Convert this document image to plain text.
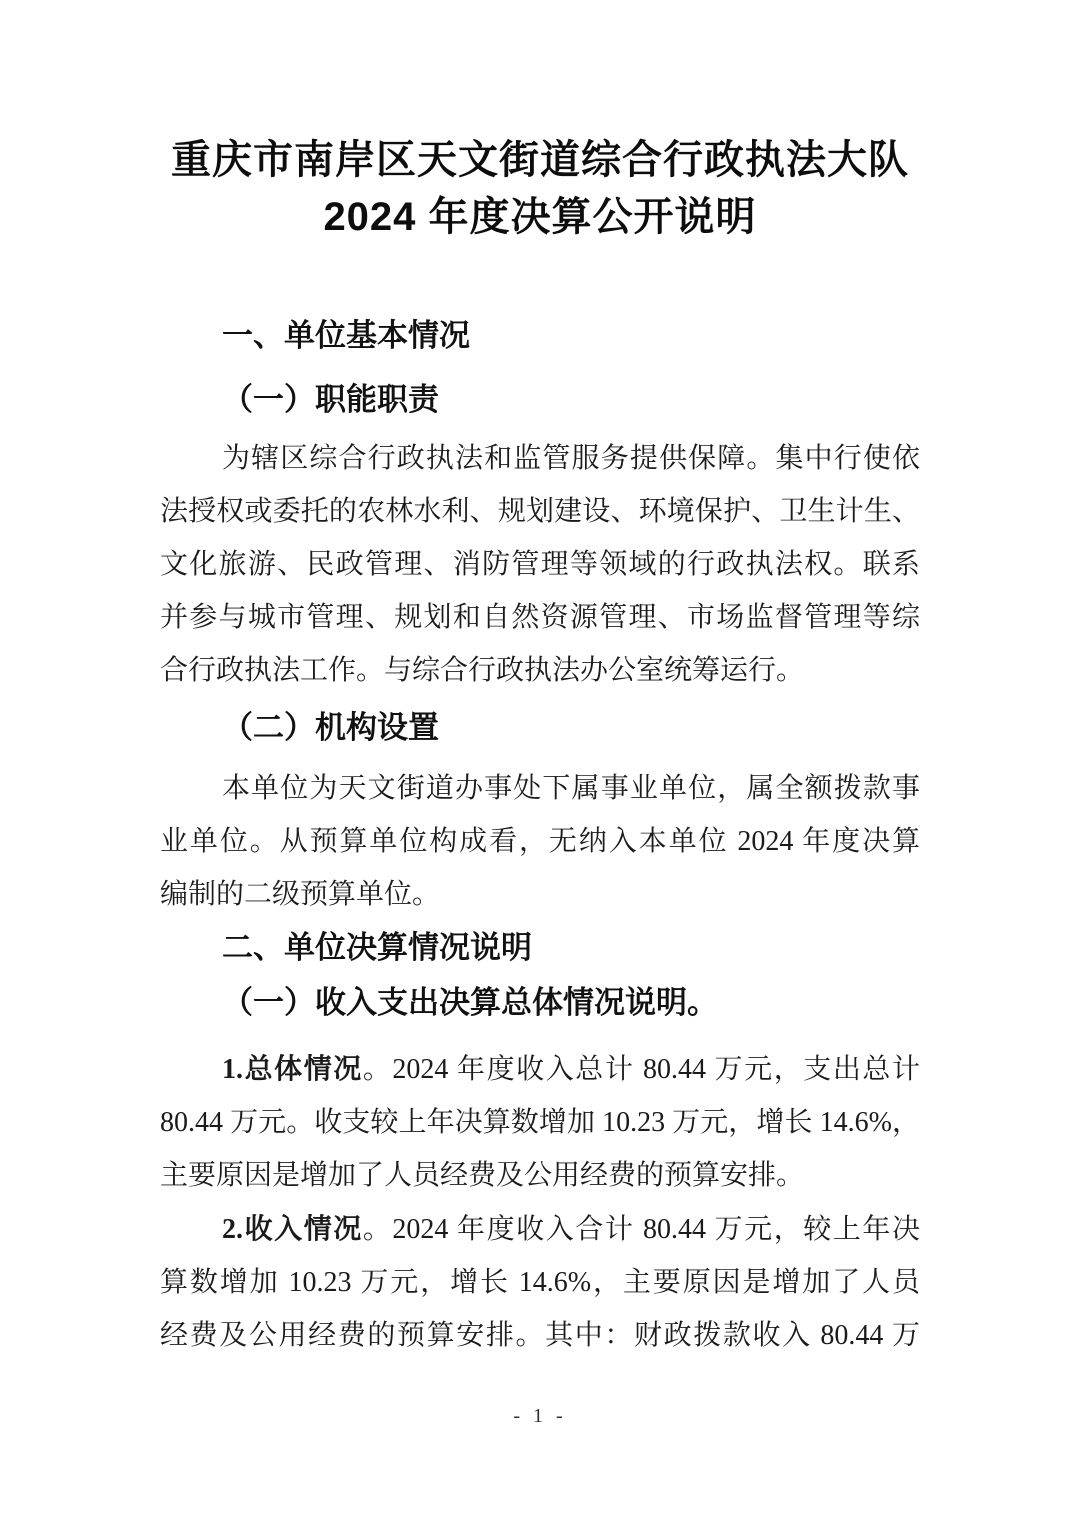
重庆市南岸区天文街道综合行政执法大队
2024 年度决算公开说明
一、单位基本情况
（一）职能职责

为辖区综合行政执法和监管服务提供保障。集中行使依

法授权或委托的农林水利、规划建设、环境保护、卫生计生、

文化旅游、民政管理、消防管理等领域的行政执法权。联系

并参与城市管理、规划和自然资源管理、市场监督管理等综

合行政执法工作。与综合行政执法办公室统筹运行。

（二）机构设置

本单位为天文街道办事处下属事业单位，属全额拨款事

业单位。从预算单位构成看，无纳入本单位 2024 年度决算

编制的二级预算单位。

二、单位决算情况说明
（一）收入支出决算总体情况说明。

1.总体情况。2024 年度收入总计 80.44 万元，支出总计

80.44 万元。收支较上年决算数增加 10.23 万元，增长 14.6%，

主要原因是增加了人员经费及公用经费的预算安排。

2.收入情况。2024 年度收入合计 80.44 万元，较上年决

算数增加 10.23 万元，增长 14.6%，主要原因是增加了人员

经费及公用经费的预算安排。其中：财政拨款收入 80.44 万

- 1 -
